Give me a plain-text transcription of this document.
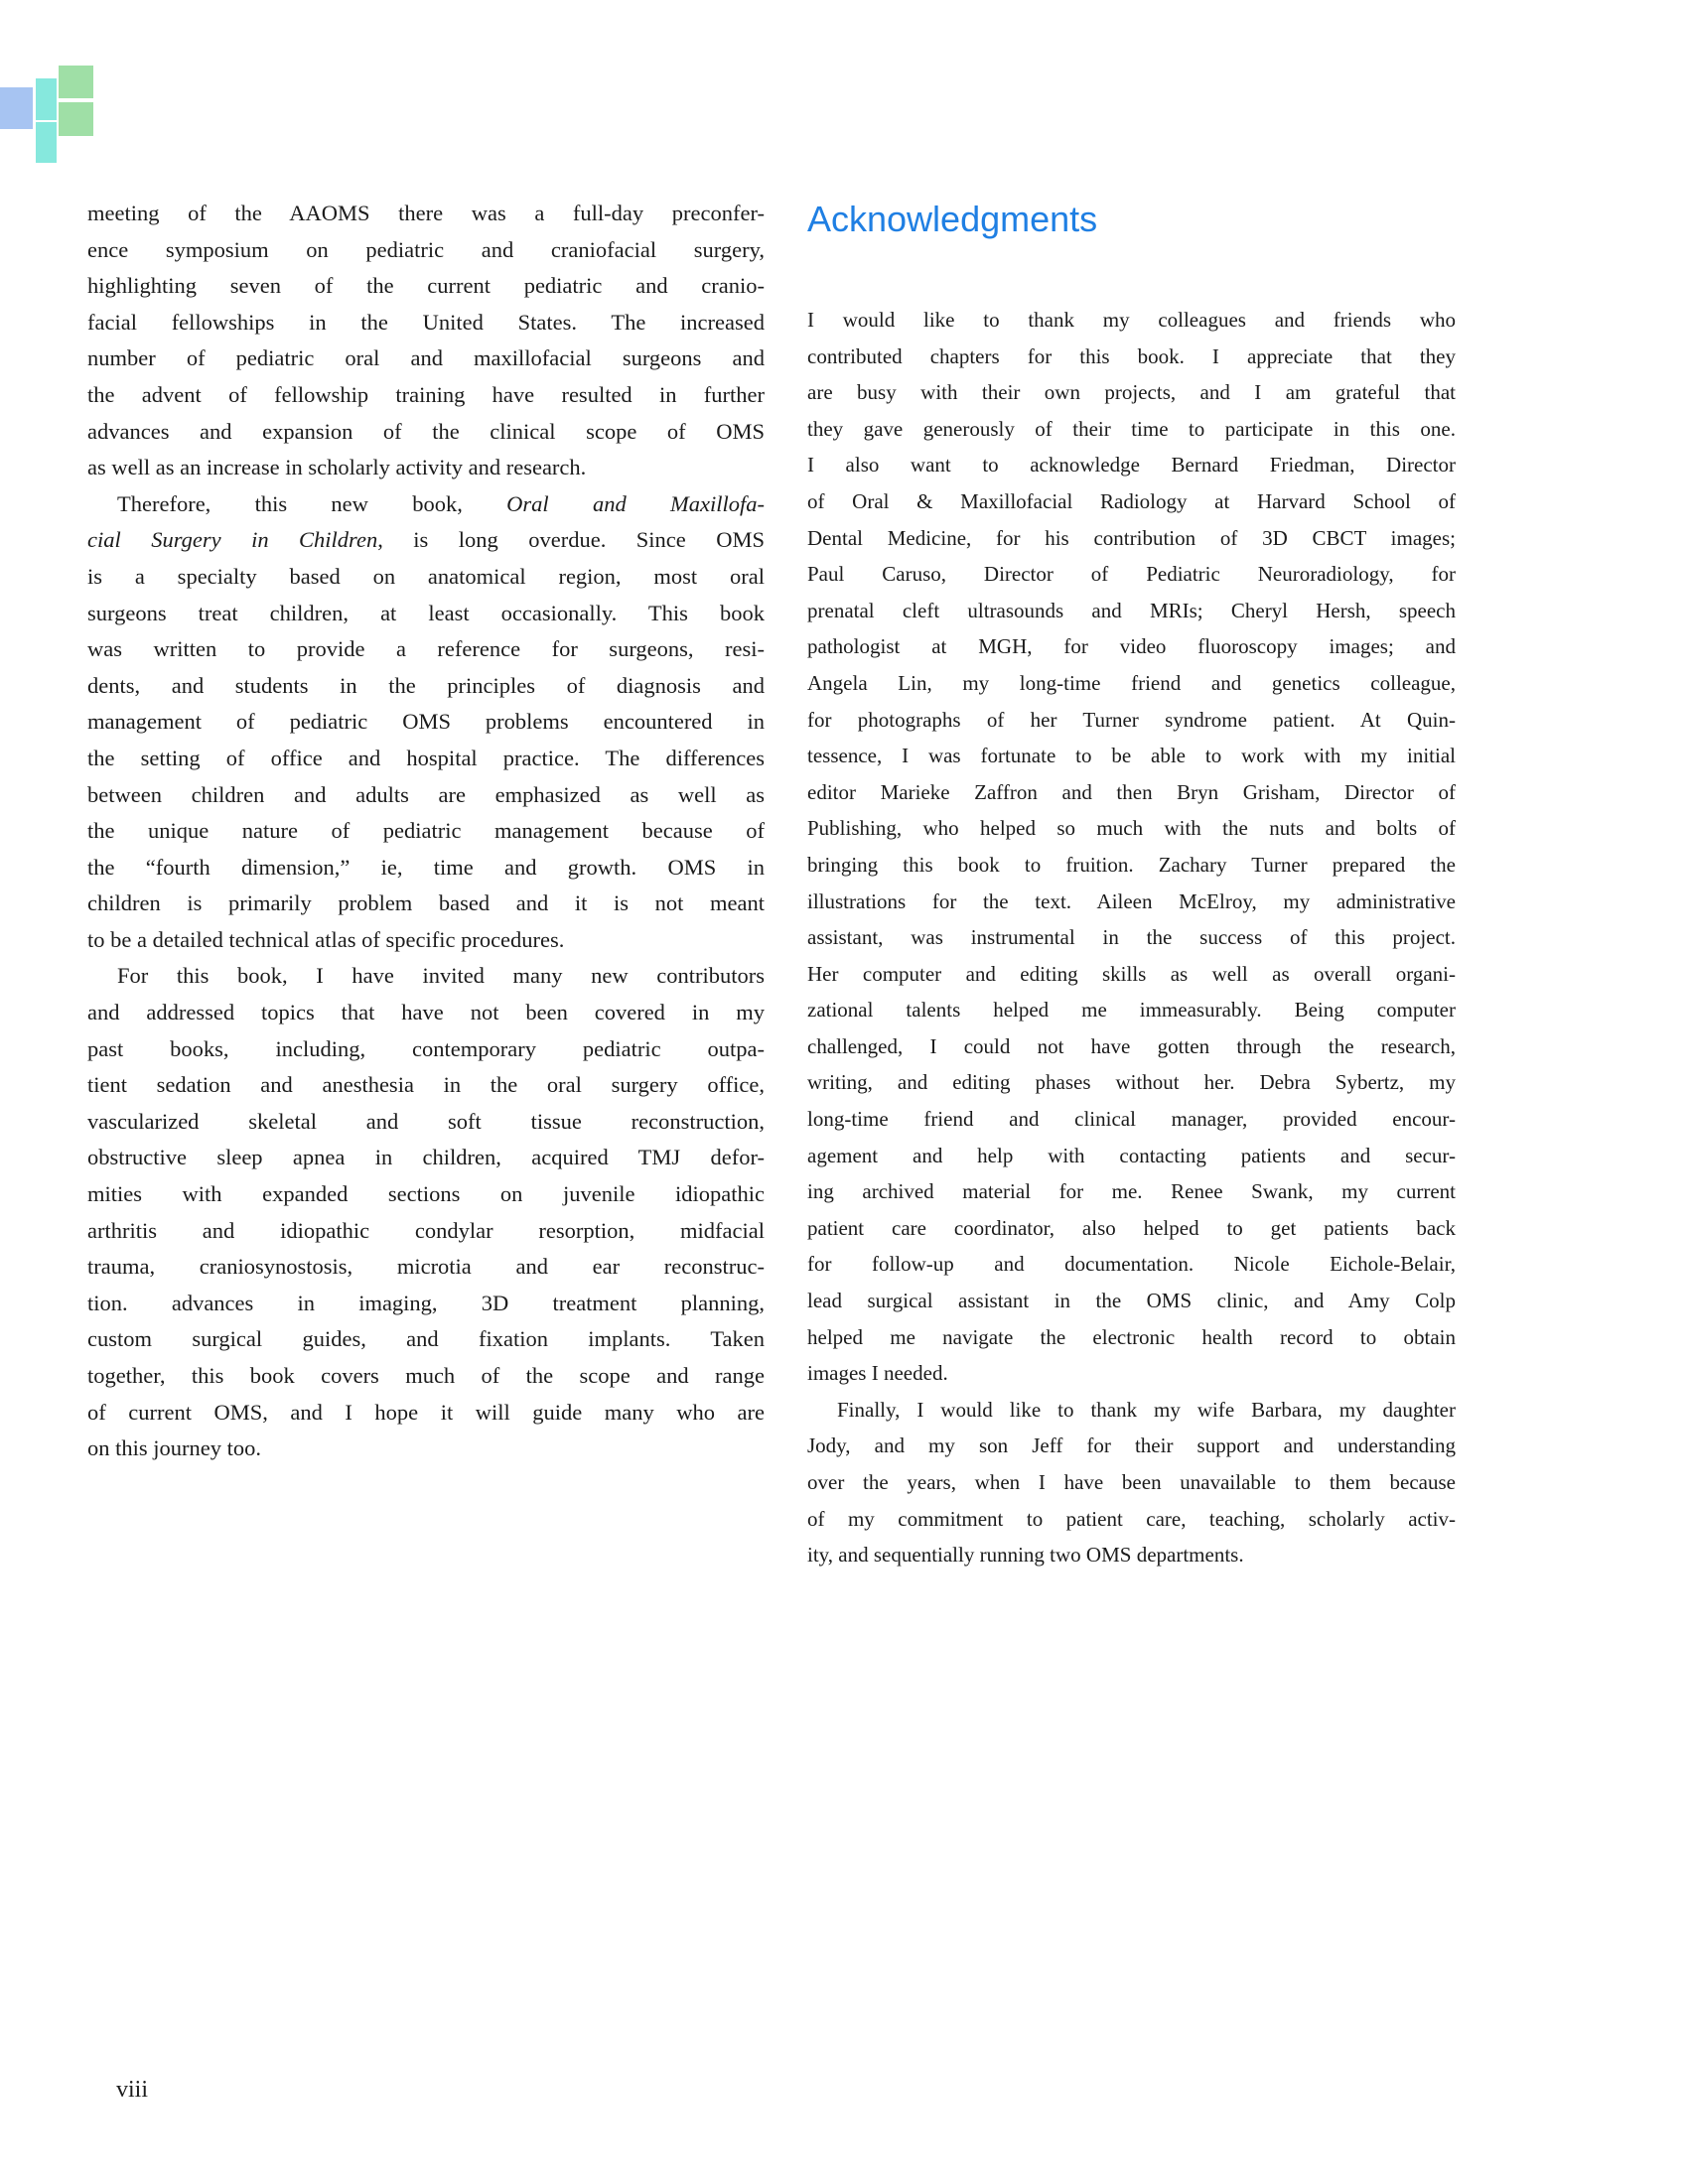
meeting of the AAOMS there was a full-day preconfer-
ence symposium on pediatric and craniofacial surgery,
highlighting seven of the current pediatric and cranio-
facial fellowships in the United States. The increased
number of pediatric oral and maxillofacial surgeons and
the advent of fellowship training have resulted in further
advances and expansion of the clinical scope of OMS
as well as an increase in scholarly activity and research.
Therefore, this new book, Oral and Maxillofa-
cial Surgery in Children, is long overdue. Since OMS
is a specialty based on anatomical region, most oral
surgeons treat children, at least occasionally. This book
was written to provide a reference for surgeons, resi-
dents, and students in the principles of diagnosis and
management of pediatric OMS problems encountered in
the setting of office and hospital practice. The differences
between children and adults are emphasized as well as
the unique nature of pediatric management because of
the “fourth dimension,” ie, time and growth. OMS in
children is primarily problem based and it is not meant
to be a detailed technical atlas of specific procedures.
For this book, I have invited many new contributors
and addressed topics that have not been covered in my
past books, including, contemporary pediatric outpa-
tient sedation and anesthesia in the oral surgery office,
vascularized skeletal and soft tissue reconstruction,
obstructive sleep apnea in children, acquired TMJ defor-
mities with expanded sections on juvenile idiopathic
arthritis and idiopathic condylar resorption, midfacial
trauma, craniosynostosis, microtia and ear reconstruc-
tion. advances in imaging, 3D treatment planning,
custom surgical guides, and fixation implants. Taken
together, this book covers much of the scope and range
of current OMS, and I hope it will guide many who are
on this journey too.
Acknowledgments
I would like to thank my colleagues and friends who
contributed chapters for this book. I appreciate that they
are busy with their own projects, and I am grateful that
they gave generously of their time to participate in this one.
I also want to acknowledge Bernard Friedman, Director
of Oral & Maxillofacial Radiology at Harvard School of
Dental Medicine, for his contribution of 3D CBCT images;
Paul Caruso, Director of Pediatric Neuroradiology, for
prenatal cleft ultrasounds and MRIs; Cheryl Hersh, speech
pathologist at MGH, for video fluoroscopy images; and
Angela Lin, my long-time friend and genetics colleague,
for photographs of her Turner syndrome patient. At Quin-
tessence, I was fortunate to be able to work with my initial
editor Marieke Zaffron and then Bryn Grisham, Director of
Publishing, who helped so much with the nuts and bolts of
bringing this book to fruition. Zachary Turner prepared the
illustrations for the text. Aileen McElroy, my administrative
assistant, was instrumental in the success of this project.
Her computer and editing skills as well as overall organi-
zational talents helped me immeasurably. Being computer
challenged, I could not have gotten through the research,
writing, and editing phases without her. Debra Sybertz, my
long-time friend and clinical manager, provided encour-
agement and help with contacting patients and secur-
ing archived material for me. Renee Swank, my current
patient care coordinator, also helped to get patients back
for follow-up and documentation. Nicole Eichole-Belair,
lead surgical assistant in the OMS clinic, and Amy Colp
helped me navigate the electronic health record to obtain
images I needed.
Finally, I would like to thank my wife Barbara, my daughter
Jody, and my son Jeff for their support and understanding
over the years, when I have been unavailable to them because
of my commitment to patient care, teaching, scholarly activ-
ity, and sequentially running two OMS departments.
viii
